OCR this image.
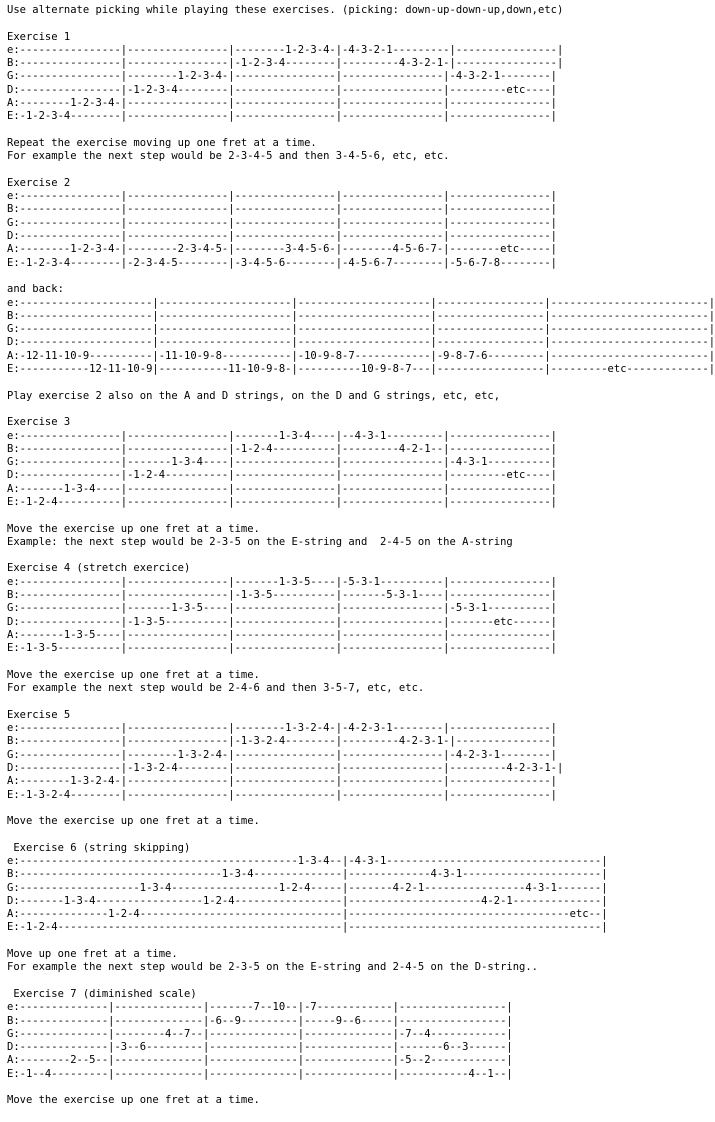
Use alternate picking while playing these exercises. (picking: down-up-down-up,down,etc)
Exercise 1
e:----------------|----------------|--------1-2-3-4-|-4-3-2-1---------|----------------|
B:----------------|----------------|-1-2-3-4--------|---------4-3-2-1-|----------------|
G:----------------|--------1-2-3-4-|----------------|----------------|-4-3-2-1--------|
D:----------------|-1-2-3-4--------|----------------|----------------|---------etc----|
A:--------1-2-3-4-|----------------|----------------|----------------|----------------|
E:-1-2-3-4--------|----------------|----------------|----------------|----------------|
Repeat the exercise moving up one fret at a time.
For example the next step would be 2-3-4-5 and then 3-4-5-6, etc, etc.
Exercise 2
e:----------------|----------------|----------------|----------------|----------------|
B:----------------|----------------|----------------|----------------|----------------|
G:----------------|----------------|----------------|----------------|----------------|
D:----------------|----------------|----------------|----------------|----------------|
A:--------1-2-3-4-|--------2-3-4-5-|--------3-4-5-6-|--------4-5-6-7-|--------etc-----|
E:-1-2-3-4--------|-2-3-4-5--------|-3-4-5-6--------|-4-5-6-7--------|-5-6-7-8--------|
and back:
e:---------------------|---------------------|---------------------|-----------------|-------------------------|
B:---------------------|---------------------|---------------------|-----------------|-------------------------|
G:---------------------|---------------------|---------------------|-----------------|-------------------------|
D:---------------------|---------------------|---------------------|-----------------|-------------------------|
A:-12-11-10-9----------|-11-10-9-8-----------|-10-9-8-7------------|-9-8-7-6---------|-------------------------|
E:-----------12-11-10-9|-----------11-10-9-8-|----------10-9-8-7---|-----------------|---------etc-------------|
Play exercise 2 also on the A and D strings, on the D and G strings, etc, etc,
Exercise 3
e:----------------|----------------|-------1-3-4----|--4-3-1---------|----------------|
B:----------------|----------------|-1-2-4----------|---------4-2-1--|----------------|
G:----------------|-------1-3-4----|----------------|----------------|-4-3-1----------|
D:----------------|-1-2-4----------|----------------|----------------|---------etc----|
A:-------1-3-4----|----------------|----------------|----------------|----------------|
E:-1-2-4----------|----------------|----------------|----------------|----------------|
Move the exercise up one fret at a time.
Example: the next step would be 2-3-5 on the E-string and  2-4-5 on the A-string
Exercise 4 (stretch exercice)
e:----------------|----------------|-------1-3-5----|-5-3-1----------|----------------|
B:----------------|----------------|-1-3-5----------|-------5-3-1----|----------------|
G:----------------|-------1-3-5----|----------------|----------------|-5-3-1----------|
D:----------------|-1-3-5----------|----------------|----------------|-------etc------|
A:-------1-3-5----|----------------|----------------|----------------|----------------|
E:-1-3-5----------|----------------|----------------|----------------|----------------|
Move the exercise up one fret at a time.
For example the next step would be 2-4-6 and then 3-5-7, etc, etc.
Exercise 5
e:----------------|----------------|--------1-3-2-4-|-4-2-3-1--------|----------------|
B:----------------|----------------|-1-3-2-4--------|---------4-2-3-1-|---------------|
G:----------------|--------1-3-2-4-|----------------|----------------|-4-2-3-1--------|
D:----------------|-1-3-2-4--------|----------------|----------------|---------4-2-3-1-|
A:--------1-3-2-4-|----------------|----------------|----------------|----------------|
E:-1-3-2-4--------|----------------|----------------|----------------|----------------|
Move the exercise up one fret at a time.
Exercise 6 (string skipping)
e:--------------------------------------------1-3-4--|-4-3-1----------------------------------|
B:--------------------------------1-3-4--------------|-------------4-3-1----------------------|
G:-------------------1-3-4-----------------1-2-4-----|-------4-2-1----------------4-3-1-------|
D:-------1-3-4-----------------1-2-4-----------------|---------------------4-2-1--------------|
A:--------------1-2-4--------------------------------|-----------------------------------etc--|
E:-1-2-4---------------------------------------------|----------------------------------------|
Move up one fret at a time.
For example the next step would be 2-3-5 on the E-string and 2-4-5 on the D-string..
Exercise 7 (diminished scale)
e:--------------|--------------|-------7--10--|-7------------|-----------------|
B:--------------|--------------|-6--9---------|-----9--6-----|-----------------|
G:--------------|--------4--7--|--------------|--------------|-7--4------------|
D:--------------|-3--6---------|--------------|--------------|-------6--3------|
A:--------2--5--|--------------|--------------|--------------|-5--2------------|
E:-1--4---------|--------------|--------------|--------------|-----------4--1--|
Move the exercise up one fret at a time.
